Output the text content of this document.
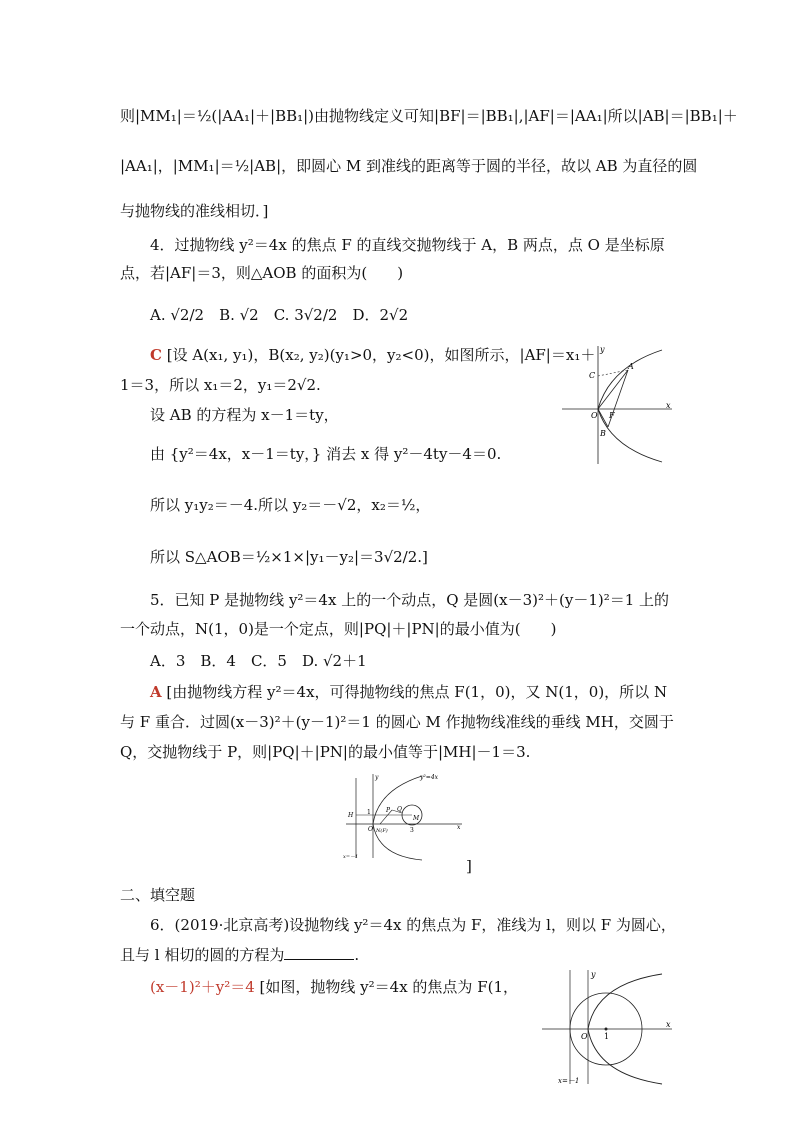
则|MM₁|＝½(|AA₁|＋|BB₁|)由抛物线定义可知|BF|＝|BB₁|,|AF|＝|AA₁|所以|AB|＝|BB₁|＋
|AA₁|，|MM₁|＝½|AB|，即圆心 M 到准线的距离等于圆的半径，故以 AB 为直径的圆
与抛物线的准线相切．]
4．过抛物线 y²＝4x 的焦点 F 的直线交抛物线于 A，B 两点，点 O 是坐标原
点，若|AF|＝3，则△AOB 的面积为(　　)
A. √2/2　B. √2　C. 3√2/2　D．2√2
C [设 A(x₁, y₁)，B(x₂, y₂)(y₁>0，y₂<0)，如图所示，|AF|＝x₁＋
1＝3，所以 x₁＝2，y₁＝2√2.
设 AB 的方程为 x－1＝ty，
由 {y²＝4x，x－1＝ty，} 消去 x 得 y²－4ty－4＝0.
所以 y₁y₂＝－4.所以 y₂＝－√2，x₂＝½，
所以 S△AOB＝½×1×|y₁－y₂|＝3√2/2.]
y
x
A
C
O F
B
5．已知 P 是抛物线 y²＝4x 上的一个动点，Q 是圆(x－3)²＋(y－1)²＝1 上的
一个动点，N(1，0)是一个定点，则|PQ|＋|PN|的最小值为(　　)
A．3　B．4　C．5　D. √2＋1
A [由抛物线方程 y²＝4x，可得抛物线的焦点 F(1，0)，又 N(1，0)，所以 N
与 F 重合．过圆(x－3)²＋(y－1)²＝1 的圆心 M 作抛物线准线的垂线 MH，交圆于
Q，交抛物线于 P，则|PQ|＋|PN|的最小值等于|MH|－1＝3.
y	y²=4x
H 1	P Q
M
O N(F)	3	x
x=－1	]
二、填空题
6．(2019·北京高考)设抛物线 y²＝4x 的焦点为 F，准线为 l，则以 F 为圆心，
且与 l 相切的圆的方程为	.
(x－1)²＋y²＝4 [如图，抛物线 y²＝4x 的焦点为 F(1，
y
x
O 1
x=－1
